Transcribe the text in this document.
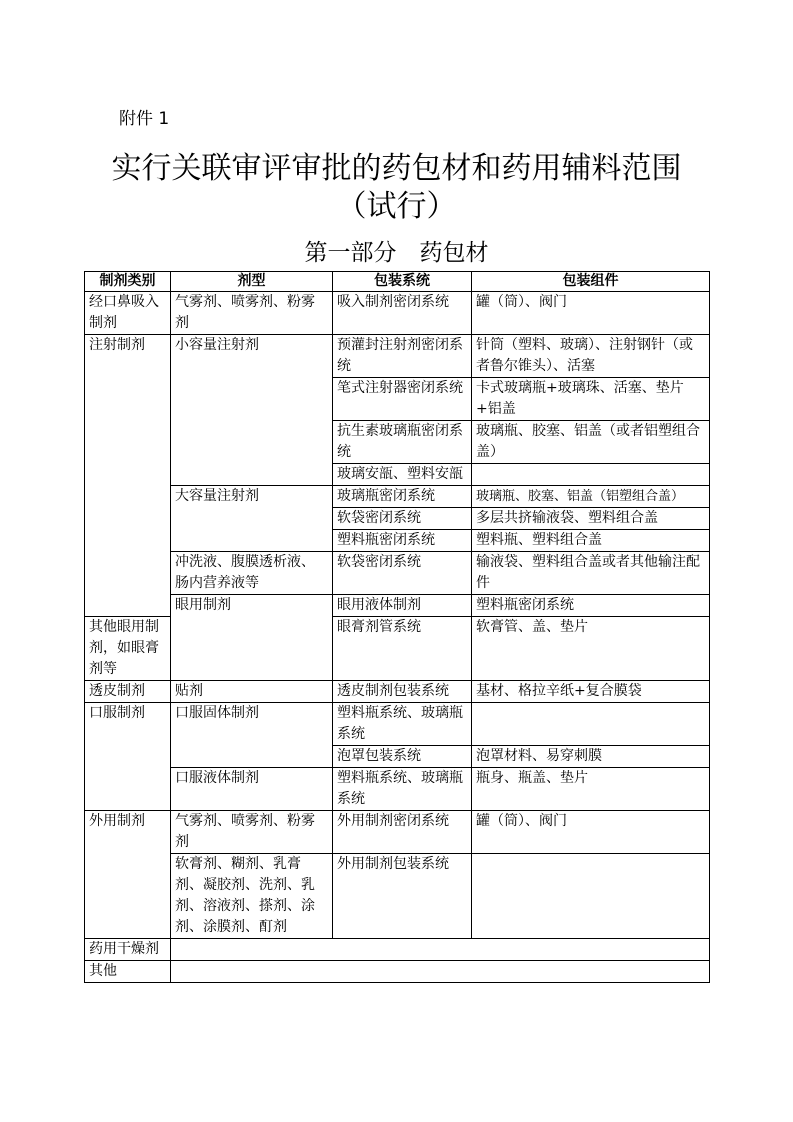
附件 1
实行关联审评审批的药包材和药用辅料范围（试行）
第一部分　药包材
制剂类别	剂型	包装系统	包装组件	
经口鼻吸入制剂	气雾剂、喷雾剂、粉雾剂	吸入制剂密闭系统	罐（筒）、阀门	
注射制剂	小容量注射剂	预灌封注射剂密闭系统	针筒（塑料、玻璃）、注射钢针（或者鲁尔锥头）、活塞	
		笔式注射器密闭系统	卡式玻璃瓶+玻璃珠、活塞、垫片+铝盖	
		抗生素玻璃瓶密闭系统	玻璃瓶、胶塞、铝盖（或者铝塑组合盖）	
		玻璃安瓿、塑料安瓿		
	大容量注射剂	玻璃瓶密闭系统	玻璃瓶、胶塞、铝盖（铝塑组合盖）	
		软袋密闭系统	多层共挤输液袋、塑料组合盖	
		塑料瓶密闭系统	塑料瓶、塑料组合盖	
	冲洗液、腹膜透析液、肠内营养液等	软袋密闭系统	输液袋、塑料组合盖或者其他输注配件	
	眼用制剂	眼用液体制剂	塑料瓶密闭系统	
其他眼用制剂，如眼膏剂等		眼膏剂管系统	软膏管、盖、垫片	
透皮制剂	贴剂	透皮制剂包装系统	基材、格拉辛纸+复合膜袋	
口服制剂	口服固体制剂	塑料瓶系统、玻璃瓶系统		
		泡罩包装系统	泡罩材料、易穿刺膜	
	口服液体制剂	塑料瓶系统、玻璃瓶系统	瓶身、瓶盖、垫片	
外用制剂	气雾剂、喷雾剂、粉雾剂	外用制剂密闭系统	罐（筒）、阀门	
	软膏剂、糊剂、乳膏剂、凝胶剂、洗剂、乳剂、溶液剂、搽剂、涂剂、涂膜剂、酊剂	外用制剂包装系统		
药用干燥剂				
其他				
